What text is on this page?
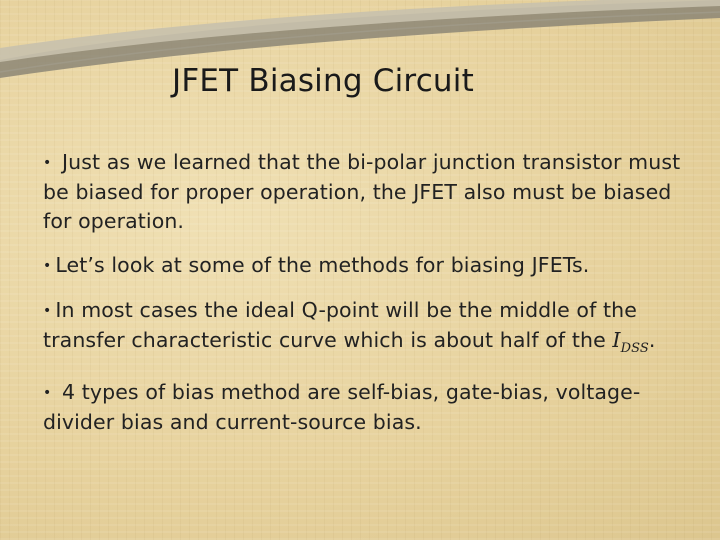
JFET Biasing Circuit

• Just as we learned that the bi-polar junction transistor must be biased for proper operation, the JFET also must be biased for operation.

• Let’s look at some of the methods for biasing JFETs.

• In most cases the ideal Q-point will be the middle of the transfer characteristic curve which is about half of the $I_{DSS}$.

• 4 types of bias method are self-bias, gate-bias, voltage-divider bias and current-source bias.
